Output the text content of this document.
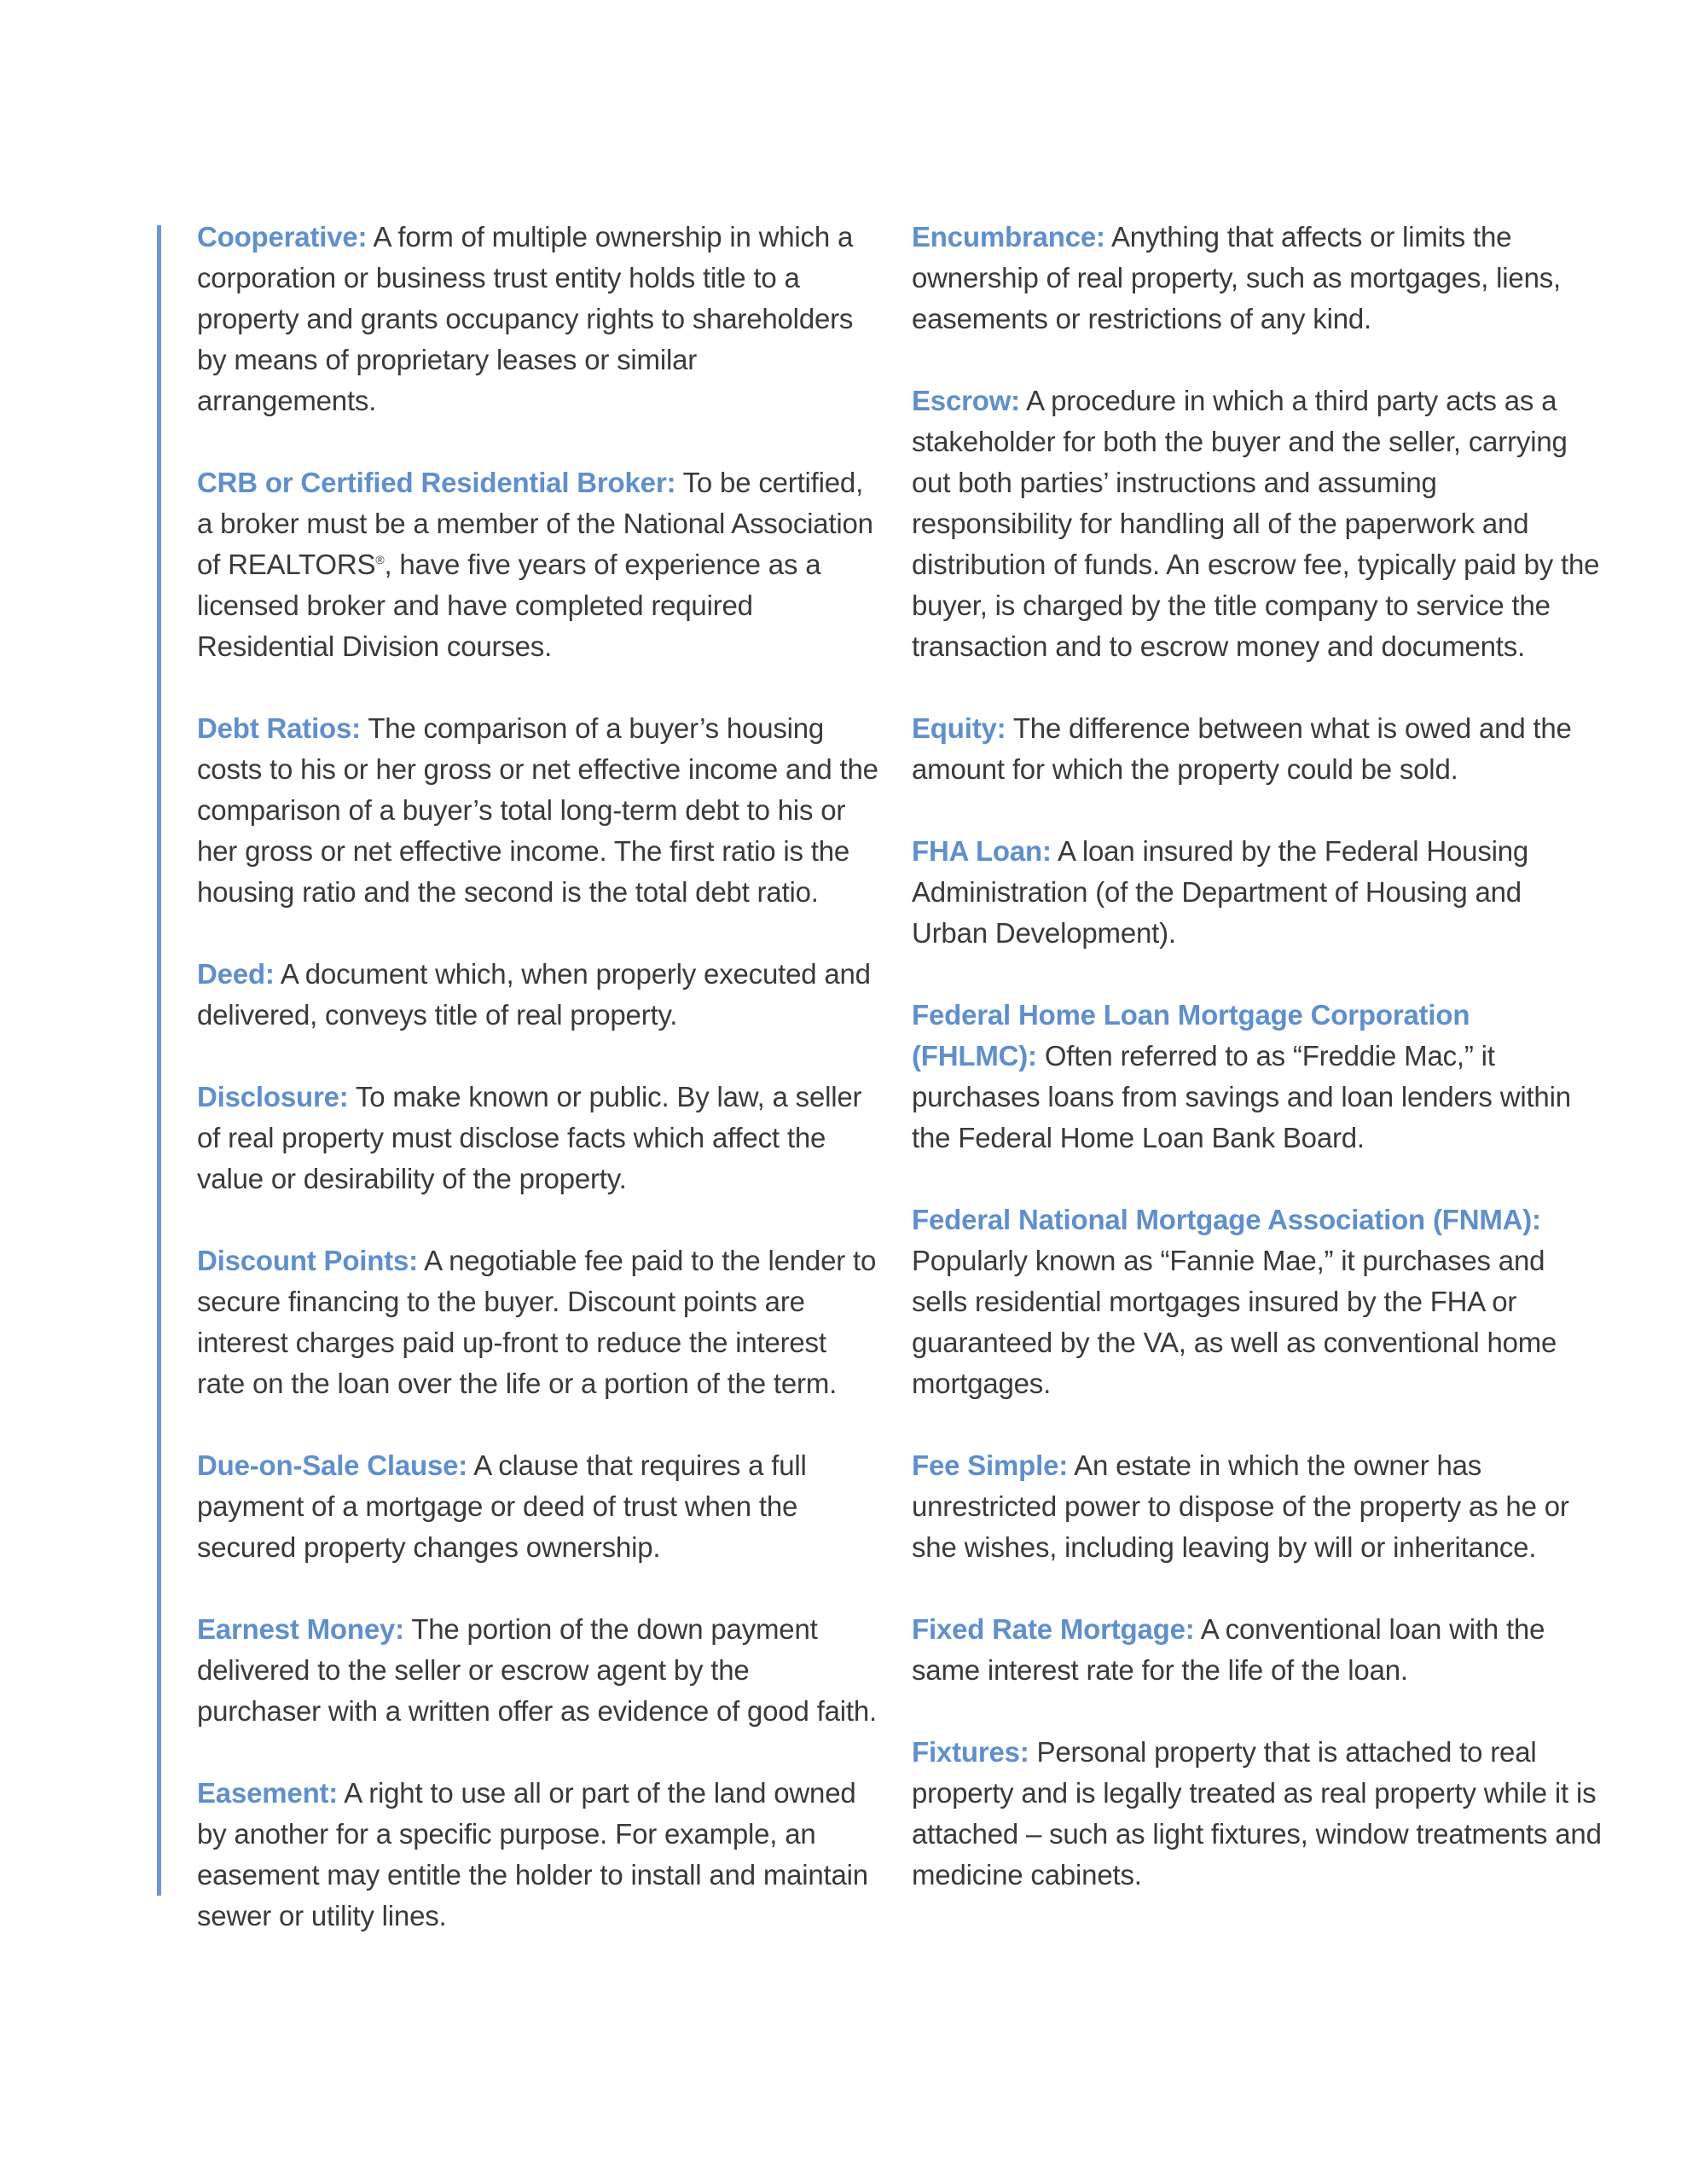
Cooperative: A form of multiple ownership in which a corporation or business trust entity holds title to a property and grants occupancy rights to shareholders by means of proprietary leases or similar arrangements.

CRB or Certified Residential Broker: To be certified, a broker must be a member of the National Association of REALTORS®, have five years of experience as a licensed broker and have completed required Residential Division courses.

Debt Ratios: The comparison of a buyer’s housing costs to his or her gross or net effective income and the comparison of a buyer’s total long-term debt to his or her gross or net effective income. The first ratio is the housing ratio and the second is the total debt ratio.

Deed: A document which, when properly executed and delivered, conveys title of real property.

Disclosure: To make known or public. By law, a seller of real property must disclose facts which affect the value or desirability of the property.

Discount Points: A negotiable fee paid to the lender to secure financing to the buyer. Discount points are interest charges paid up-front to reduce the interest rate on the loan over the life or a portion of the term.

Due-on-Sale Clause: A clause that requires a full payment of a mortgage or deed of trust when the secured property changes ownership.

Earnest Money: The portion of the down payment delivered to the seller or escrow agent by the purchaser with a written offer as evidence of good faith.

Easement: A right to use all or part of the land owned by another for a specific purpose. For example, an easement may entitle the holder to install and maintain sewer or utility lines.

Encumbrance: Anything that affects or limits the ownership of real property, such as mortgages, liens, easements or restrictions of any kind.

Escrow: A procedure in which a third party acts as a stakeholder for both the buyer and the seller, carrying out both parties’ instructions and assuming responsibility for handling all of the paperwork and distribution of funds. An escrow fee, typically paid by the buyer, is charged by the title company to service the transaction and to escrow money and documents.

Equity: The difference between what is owed and the amount for which the property could be sold.

FHA Loan: A loan insured by the Federal Housing Administration (of the Department of Housing and Urban Development).

Federal Home Loan Mortgage Corporation (FHLMC): Often referred to as “Freddie Mac,” it purchases loans from savings and loan lenders within the Federal Home Loan Bank Board.

Federal National Mortgage Association (FNMA): Popularly known as “Fannie Mae,” it purchases and sells residential mortgages insured by the FHA or guaranteed by the VA, as well as conventional home mortgages.

Fee Simple: An estate in which the owner has unrestricted power to dispose of the property as he or she wishes, including leaving by will or inheritance.

Fixed Rate Mortgage: A conventional loan with the same interest rate for the life of the loan.

Fixtures: Personal property that is attached to real property and is legally treated as real property while it is attached – such as light fixtures, window treatments and medicine cabinets.
